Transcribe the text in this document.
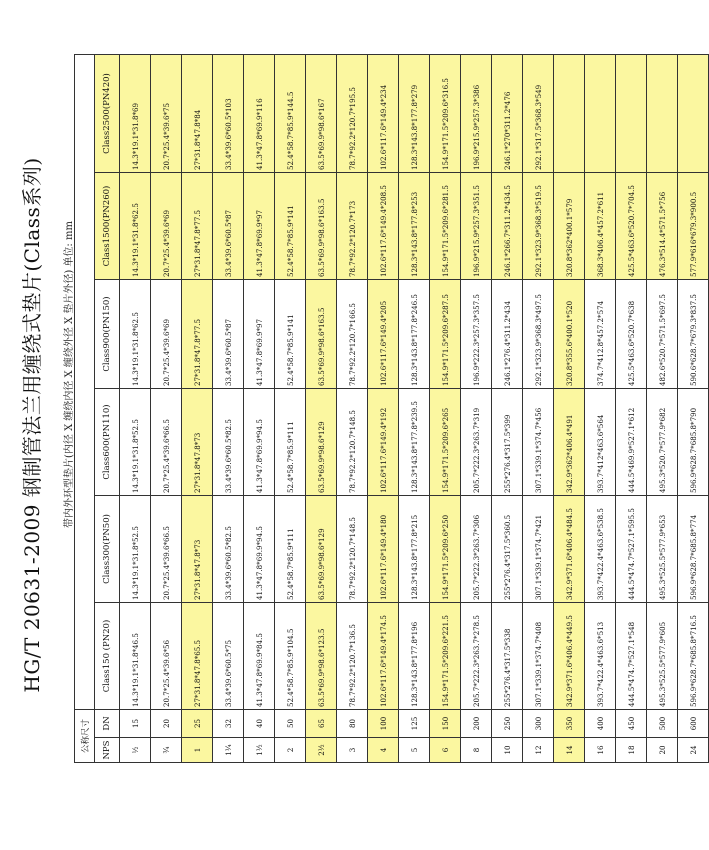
HG/T 20631-2009 钢制管法兰用缠绕式垫片(Class系列)	带内外环型垫片(内径 X 缠绕内径 X 缠绕外径 X 垫片外径) 单位: mm
公称尺寸							
NPS	DN	Class150 (PN20)	Class300(PN50)	Class600(PN110)	Class900(PN150)	Class1500(PN260)	Class2500(PN420)
½	15	14.3*19.1*31.8*46.5	14.3*19.1*31.8*52.5	14.3*19.1*31.8*52.5	14.3*19.1*31.8*62.5	14.3*19.1*31.8*62.5	14.3*19.1*31.8*69
¾	20	20.7*25.4*39.6*56	20.7*25.4*39.6*66.5	20.7*25.4*39.6*66.5	20.7*25.4*39.6*69	20.7*25.4*39.6*69	20.7*25.4*39.6*75
1	25	27*31.8*47.8*65.5	27*31.8*47.8*73	27*31.8*47.8*73	27*31.8*47.8*77.5	27*31.8*47.8*77.5	27*31.8*47.8*84
1¼	32	33.4*39.6*60.5*75	33.4*39.6*60.5*82.5	33.4*39.6*60.5*82.5	33.4*39.6*60.5*87	33.4*39.6*60.5*87	33.4*39.6*60.5*103
1½	40	41.3*47.8*69.9*84.5	41.3*47.8*69.9*94.5	41.3*47.8*69.9*94.5	41.3*47.8*69.9*97	41.3*47.8*69.9*97	41.3*47.8*69.9*116
2	50	52.4*58.7*85.9*104.5	52.4*58.7*85.9*111	52.4*58.7*85.9*111	52.4*58.7*85.9*141	52.4*58.7*85.9*141	52.4*58.7*85.9*144.5
2½	65	63.5*69.9*98.6*123.5	63.5*69.9*98.6*129	63.5*69.9*98.6*129	63.5*69.9*98.6*163.5	63.5*69.9*98.6*163.5	63.5*69.9*98.6*167
3	80	78.7*92.2*120.7*136.5	78.7*92.2*120.7*148.5	78.7*92.2*120.7*148.5	78.7*92.2*120.7*166.5	78.7*92.2*120.7*173	78.7*92.2*120.7*195.5
4	100	102.6*117.6*149.4*174.5	102.6*117.6*149.4*180	102.6*117.6*149.4*192	102.6*117.6*149.4*205	102.6*117.6*149.4*208.5	102.6*117.6*149.4*234
5	125	128.3*143.8*177.8*196	128.3*143.8*177.8*215	128.3*143.8*177.8*239.5	128.3*143.8*177.8*246.5	128.3*143.8*177.8*253	128.3*143.8*177.8*279
6	150	154.9*171.5*209.6*221.5	154.9*171.5*209.6*250	154.9*171.5*209.6*265	154.9*171.5*209.6*287.5	154.9*171.5*209.6*281.5	154.9*171.5*209.6*316.5
8	200	205.7*222.3*263.7*278.5	205.7*222.3*263.7*306	205.7*222.3*263.7*319	196.9*222.3*257.3*357.5	196.9*215.9*257.3*351.5	196.9*215.9*257.3*386
10	250	255*276.4*317.5*338	255*276.4*317.5*360.5	255*276.4*317.5*399	246.1*276.4*311.2*434	246.1*266.7*311.2*434.5	246.1*270*311.2*476
12	300	307.1*339.1*374.7*408	307.1*339.1*374.7*421	307.1*339.1*374.7*456	292.1*323.9*368.3*497.5	292.1*323.9*368.3*519.5	292.1*317.5*368.3*549
14	350	342.9*371.6*406.4*449.5	342.9*371.6*406.4*484.5	342.9*362*406.4*491	320.8*355.6*400.1*520	320.8*362*400.1*579	
16	400	393.7*422.4*463.6*513	393.7*422.4*463.6*538.5	393.7*412*463.6*564	374.7*412.8*457.2*574	368.3*406.4*457.2*611	
18	450	444.5*474.7*527.1*548	444.5*474.7*527.1*595.5	444.5*469.9*527.1*612	425.5*463.6*520.7*638	425.5*463.6*520.7*704.5	
20	500	495.3*525.5*577.9*605	495.3*525.5*577.9*653	495.3*520.7*577.9*682	482.6*520.7*571.5*697.5	476.3*514.4*571.5*756	
24	600	596.9*628.7*685.8*716.5	596.9*628.7*685.8*774	596.9*628.7*685.8*790	590.6*628.7*679.3*837.5	577.9*616*679.3*900.5	
